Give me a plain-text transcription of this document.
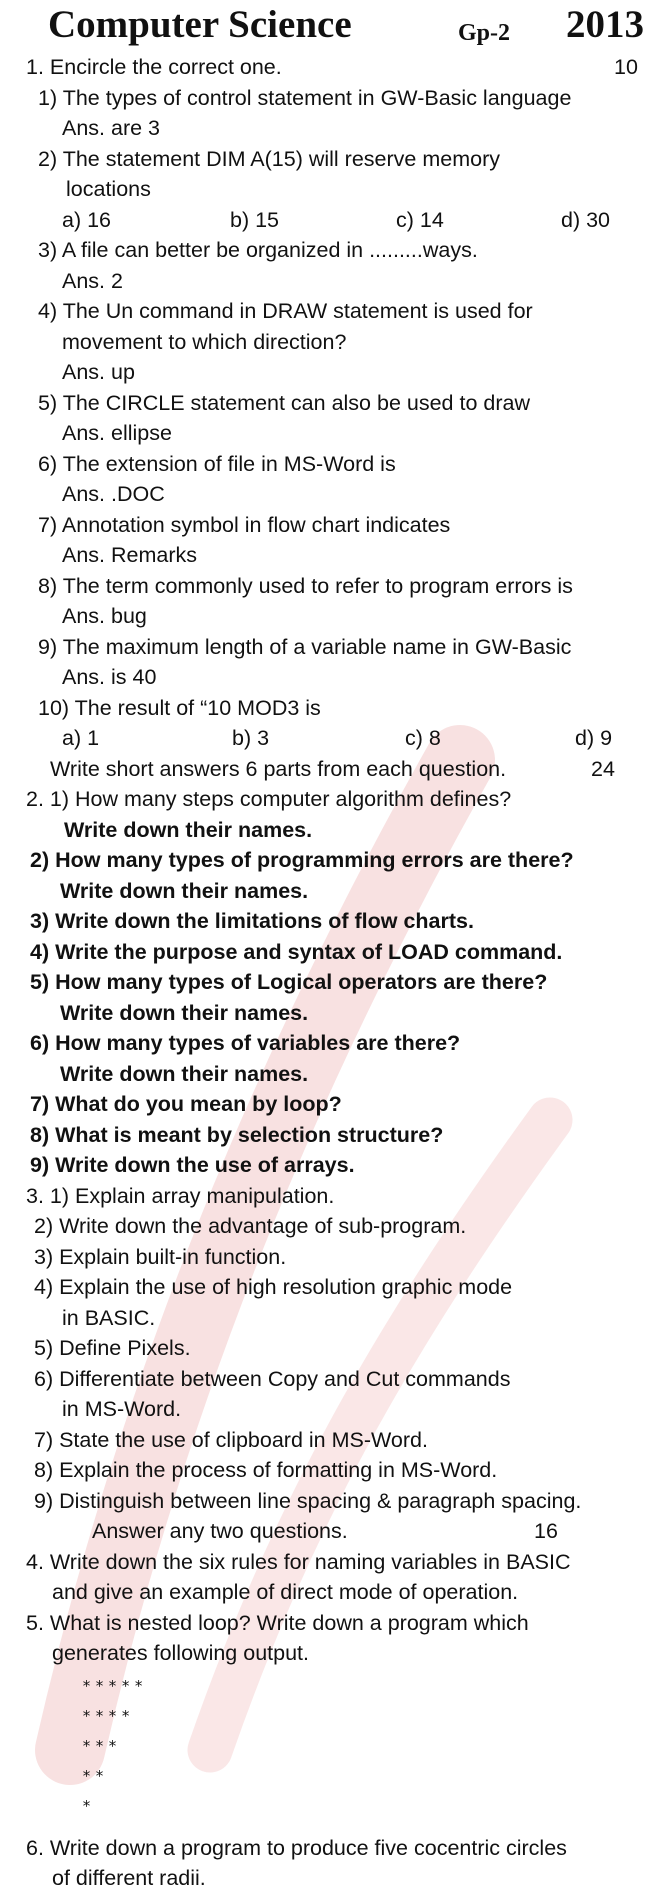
Computer Science	Gp-2 2013
1. Encircle the correct one.	10
1) The types of control statement in GW-Basic language
Ans. are 3
2) The statement DIM A(15) will reserve memory
locations
a) 16	b) 15	c) 14	d) 30
3) A file can better be organized in .........ways.
Ans. 2
4) The Un command in DRAW statement is used for
movement to which direction?
Ans. up
5) The CIRCLE statement can also be used to draw
Ans. ellipse
6) The extension of file in MS-Word is
Ans. .DOC
7) Annotation symbol in flow chart indicates
Ans. Remarks
8) The term commonly used to refer to program errors is
Ans. bug
9) The maximum length of a variable name in GW-Basic
Ans. is 40
10) The result of “10 MOD3 is
a) 1	b) 3	c) 8	d) 9
Write short answers 6 parts from each question.	24
2. 1) How many steps computer algorithm defines?
Write down their names.
2) How many types of programming errors are there?
Write down their names.
3) Write down the limitations of flow charts.
4) Write the purpose and syntax of LOAD command.
5) How many types of Logical operators are there?
Write down their names.
6) How many types of variables are there?
Write down their names.
7) What do you mean by loop?
8) What is meant by selection structure?
9) Write down the use of arrays.
3. 1) Explain array manipulation.
2) Write down the advantage of sub-program.
3) Explain built-in function.
4) Explain the use of high resolution graphic mode
in BASIC.
5) Define Pixels.
6) Differentiate between Copy and Cut commands
in MS-Word.
7) State the use of clipboard in MS-Word.
8) Explain the process of formatting in MS-Word.
9) Distinguish between line spacing & paragraph spacing.
Answer any two questions.	16
4. Write down the six rules for naming variables in BASIC
and give an example of direct mode of operation.
5. What is nested loop? Write down a program which
generates following output.
*****
****
***
**
*
6. Write down a program to produce five cocentric circles
of different radii.
